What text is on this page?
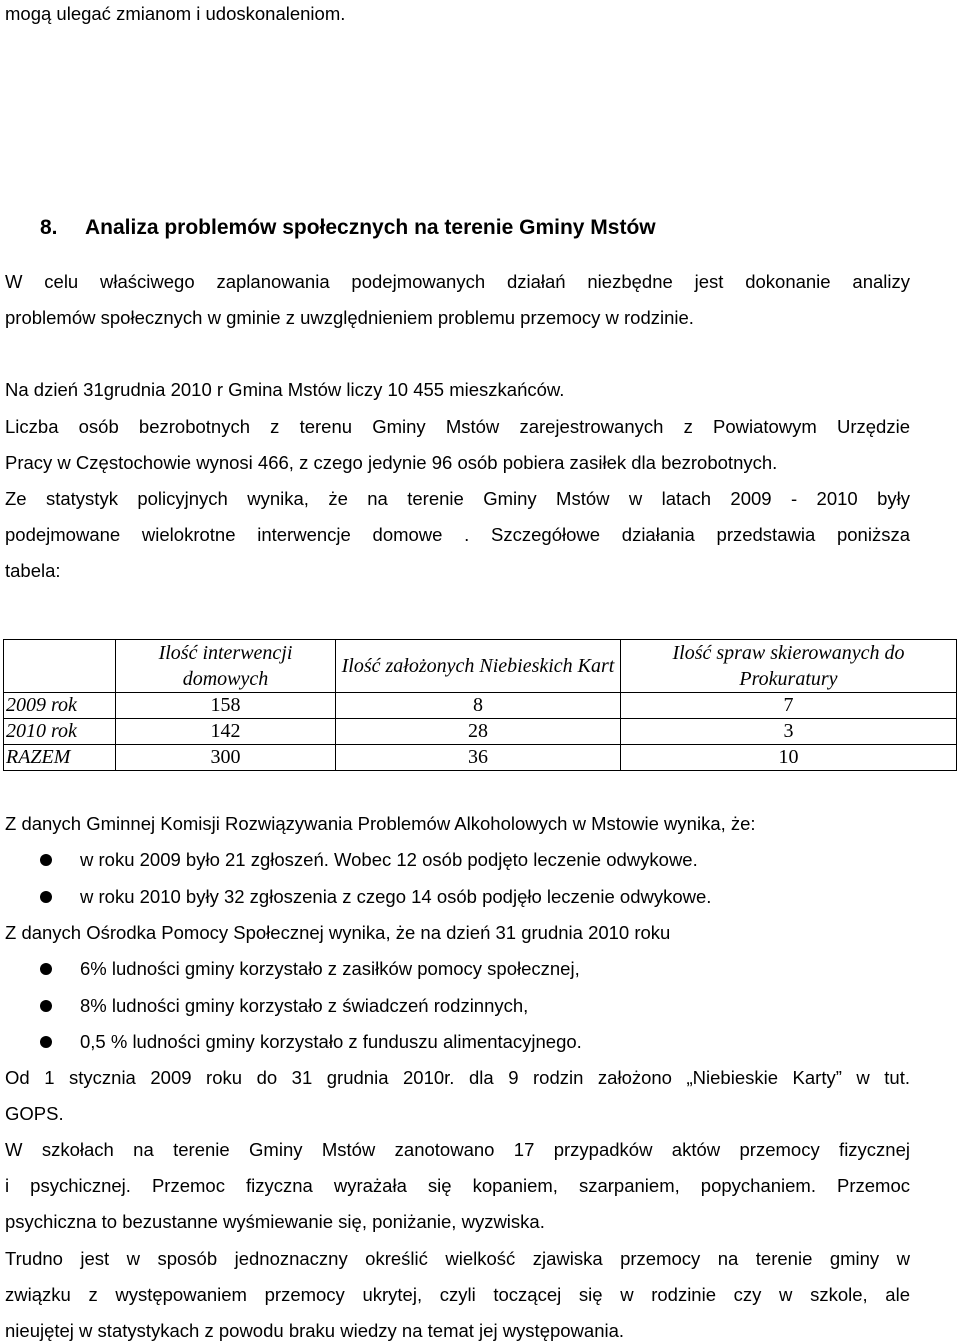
mogą ulegać zmianom i udoskonaleniom.

8. Analiza problemów społecznych na terenie Gminy Mstów

W celu właściwego zaplanowania podejmowanych działań niezbędne jest dokonanie analizy

problemów społecznych w gminie z uwzględnieniem problemu przemocy w rodzinie.

Na dzień 31grudnia 2010 r Gmina Mstów liczy 10 455 mieszkańców.

Liczba osób bezrobotnych z terenu Gminy Mstów zarejestrowanych z Powiatowym Urzędzie

Pracy w Częstochowie wynosi 466, z czego jedynie 96 osób pobiera zasiłek dla bezrobotnych.

Ze statystyk policyjnych wynika, że na terenie Gminy Mstów w latach 2009 - 2010 były

podejmowane wielokrotne interwencje domowe . Szczegółowe działania przedstawia poniższa

tabela:

	Ilość interwencji domowych	Ilość założonych Niebieskich Kart	Ilość spraw skierowanych do Prokuratury
2009 rok	158	8	7
2010 rok	142	28	3
RAZEM	300	36	10

Z danych Gminnej Komisji Rozwiązywania Problemów Alkoholowych w Mstowie wynika, że:

w roku 2009 było 21 zgłoszeń. Wobec 12 osób podjęto leczenie odwykowe.
w roku 2010 były 32 zgłoszenia z czego 14 osób podjęło leczenie odwykowe.

Z danych Ośrodka Pomocy Społecznej wynika, że na dzień 31 grudnia 2010 roku

6% ludności gminy korzystało z zasiłków pomocy społecznej,
8% ludności gminy korzystało z świadczeń rodzinnych,
0,5 % ludności gminy korzystało z funduszu alimentacyjnego.

Od 1 stycznia 2009 roku do 31 grudnia 2010r. dla 9 rodzin założono „Niebieskie Karty” w tut.

GOPS.

W szkołach na terenie Gminy Mstów zanotowano 17 przypadków aktów przemocy fizycznej

i psychicznej. Przemoc fizyczna wyrażała się kopaniem, szarpaniem, popychaniem. Przemoc

psychiczna to bezustanne wyśmiewanie się, poniżanie, wyzwiska.

Trudno jest w sposób jednoznaczny określić wielkość zjawiska przemocy na terenie gminy w

związku z występowaniem przemocy ukrytej, czyli toczącej się w rodzinie czy w szkole, ale

nieujętej w statystykach z powodu braku wiedzy na temat jej występowania.
